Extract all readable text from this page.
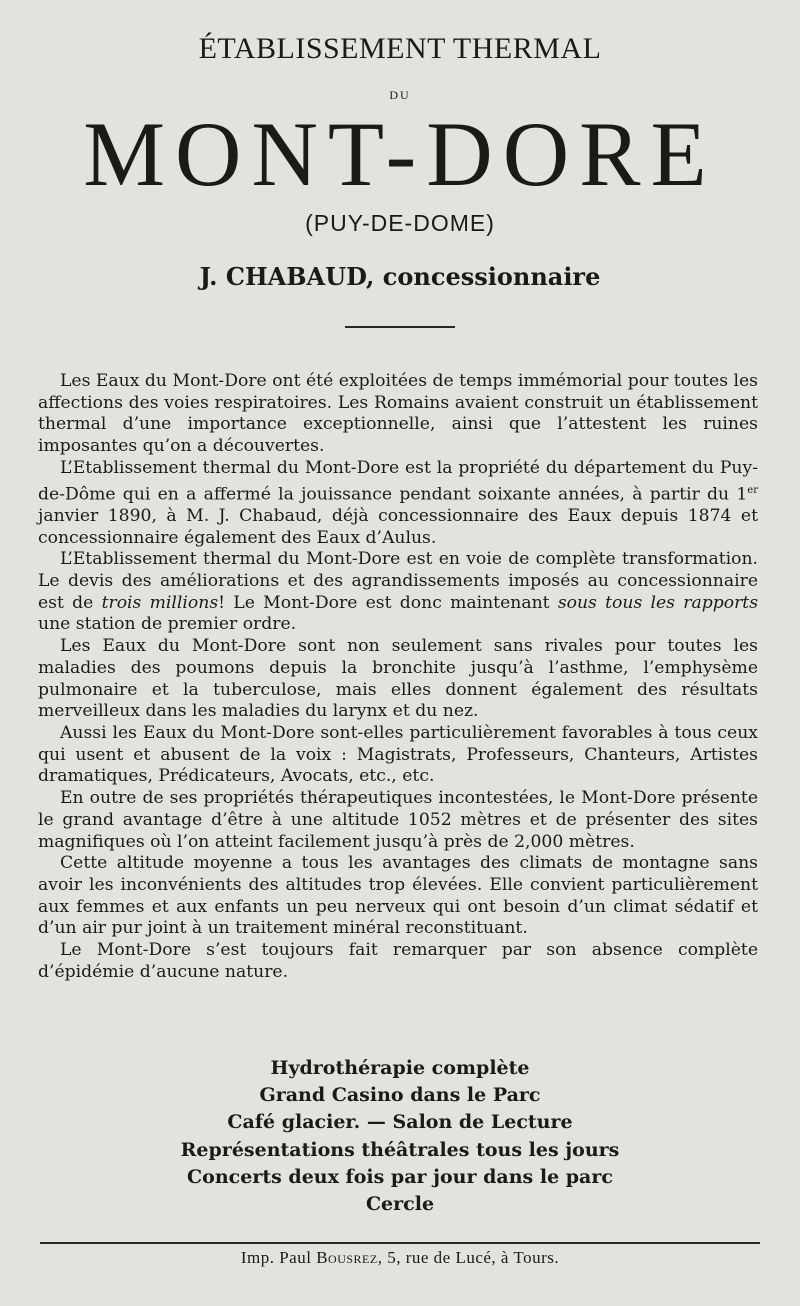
ÉTABLISSEMENT THERMAL
DU
MONT-DORE
(PUY-DE-DOME)
J. CHABAUD, concessionnaire

Les Eaux du Mont-Dore ont été exploitées de temps immémorial pour toutes les affections des voies respiratoires. Les Romains avaient construit un établissement thermal d’une importance exceptionnelle, ainsi que l’attestent les ruines imposantes qu’on a découvertes.

L’Etablissement thermal du Mont-Dore est la propriété du département du Puy-de-Dôme qui en a affermé la jouissance pendant soixante années, à partir du 1er janvier 1890, à M. J. Chabaud, déjà concessionnaire des Eaux depuis 1874 et concessionnaire également des Eaux d’Aulus.

L’Etablissement thermal du Mont-Dore est en voie de complète transformation. Le devis des améliorations et des agrandissements imposés au concessionnaire est de trois millions! Le Mont-Dore est donc maintenant sous tous les rapports une station de premier ordre.

Les Eaux du Mont-Dore sont non seulement sans rivales pour toutes les maladies des poumons depuis la bronchite jusqu’à l’asthme, l’emphysème pulmonaire et la tuberculose, mais elles donnent également des résultats merveilleux dans les maladies du larynx et du nez.

Aussi les Eaux du Mont-Dore sont-elles particulièrement favorables à tous ceux qui usent et abusent de la voix : Magistrats, Professeurs, Chanteurs, Artistes dramatiques, Prédicateurs, Avocats, etc., etc.

En outre de ses propriétés thérapeutiques incontestées, le Mont-Dore présente le grand avantage d’être à une altitude 1052 mètres et de présenter des sites magnifiques où l’on atteint facilement jusqu’à près de 2,000 mètres.

Cette altitude moyenne a tous les avantages des climats de montagne sans avoir les inconvénients des altitudes trop élevées. Elle convient particulièrement aux femmes et aux enfants un peu nerveux qui ont besoin d’un climat sédatif et d’un air pur joint à un traitement minéral reconstituant.

Le Mont-Dore s’est toujours fait remarquer par son absence complète d’épidémie d’aucune nature.

Hydrothérapie complète
Grand Casino dans le Parc
Café glacier. — Salon de Lecture
Représentations théâtrales tous les jours
Concerts deux fois par jour dans le parc
Cercle
Imp. Paul Bousrez, 5, rue de Lucé, à Tours.
